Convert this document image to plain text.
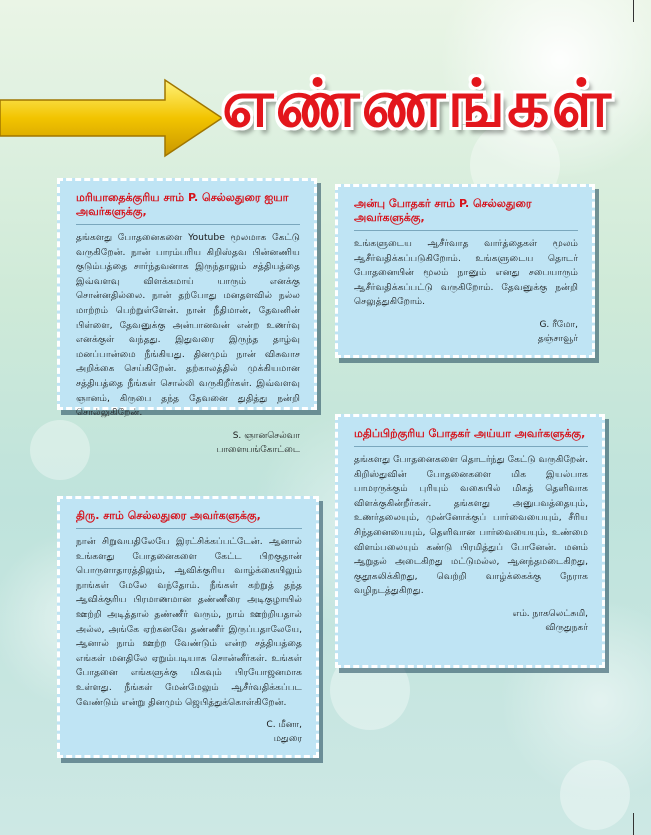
எண்ணங்கள்
மரியாதைக்குரிய சாம் P. செல்லதுரை ஐயா அவர்களுக்கு,

தங்களது போதனைகளை Youtube மூலமாக கேட்டு வருகிறேன். நான் பாரம்பரிய கிறிஸ்தவ பின்னணிய குடும்பத்தை சார்ந்தவனாக இருந்தாலும் சத்தியத்தை இவ்வளவு விளக்கமாய் யாரும் எனக்கு சொன்னதில்லை. நான் தற்போது மனதளவில் நல்ல மாற்றம் பெற்றுள்ளேன். நான் நீதிமான், தேவனின் பிள்ளை, தேவனுக்கு அன்பானவன் என்ற உணர்வு எனக்குள் வந்தது. இதுவரை இருந்த தாழ்வு மனப்பான்மை நீங்கியது. தினமும் நான் விசுவாச அறிக்கை செய்கிறேன். தற்காலத்தில் முக்கியமான சத்தியத்தை நீங்கள் சொல்லி வருகிறீர்கள். இவ்வளவு ஞானம், கிருபை தந்த தேவனை துதித்து நன்றி சொல்லுகிறேன்.

S. ஞானசெல்வா
பாளையங்கோட்டை
அன்பு போதகர் சாம் P. செல்லதுரை அவர்களுக்கு,

உங்களுடைய ஆசீர்வாத வார்த்தைகள் மூலம் ஆசீர்வதிக்கப்படுகிறோம். உங்களுடைய தொடர் போதனையின் மூலம் நானும் எனது சபையாரும் ஆசீர்வதிக்கப்பட்டு வருகிறோம். தேவனுக்கு நன்றி செலுத்துகிறோம்.

G. ரீமோ,
தஞ்சாவூர்
மதிப்பிற்குரிய போதகர் அய்யா அவர்களுக்கு,

தங்களது போதனைகளை தொடர்ந்து கேட்டு வருகிறேன். கிறிஸ்துவின் போதனைகளை மிக இயல்பாக பாமரருக்கும் புரியும் வகையில் மிகத் தெளிவாக விளக்குகின்றீர்கள். தங்களது அனுபவத்தையும், உணர்தலையும், முன்னோக்குப் பார்வையையும், சீரிய சிந்தனையையும், தெளிவான பார்வையையும், உண்மை விளம்பலையும் கண்டு பிரமித்துப் போனேன். மனம் ஆறுதல் அடைகிறது மட்டுமல்ல, ஆனந்தமடைகிறது, குதூகலிக்கிறது, வெற்றி வாழ்க்கைக்கு நேராக வழிநடத்துகிறது.

எம். நாகலெட்சுமி,
விருதுநகர்
திரு. சாம் செல்லதுரை அவர்களுக்கு,

நான் சிறுவயதிலேயே இரட்சிக்கப்பட்டேன். ஆனால் உங்களது போதனைகளை கேட்ட பிறகுதான் பொருளாதாரத்திலும், ஆவிக்குரிய வாழ்க்கையிலும் நாங்கள் மேலே வந்தோம். நீங்கள் கற்றுத் தந்த ஆவிக்குரிய பிரமாணமான தண்ணீரை அடிகுழாயில் ஊற்றி அடித்தால் தண்ணீர் வரும், நாம் ஊற்றியதால் அல்ல, அங்கே ஏற்கனவே தண்ணீர் இருப்பதாலேயே, ஆனால் நாம் ஊற்ற வேண்டும் என்ற சத்தியத்தை எங்கள் மனதிலே ஏறும்படியாக சொன்னீர்கள். உங்கள் போதனை எங்களுக்கு மிகவும் பிரயோஜனமாக உள்ளது. நீங்கள் மேன்மேலும் ஆசீர்வதிக்கப்பட வேண்டும் என்று தினமும் ஜெபித்துக்கொள்கிறேன்.

C. மீனா,
மதுரை
